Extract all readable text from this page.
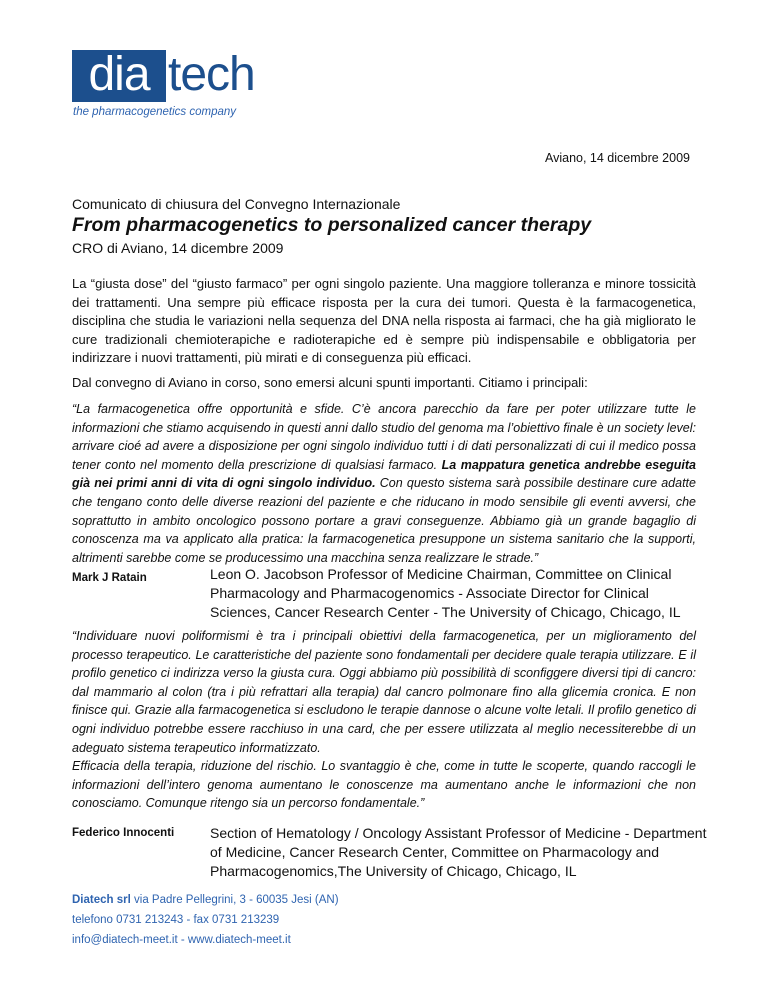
dia tech
the pharmacogenetics company
Aviano, 14 dicembre 2009
Comunicato di chiusura del Convegno Internazionale
From pharmacogenetics to personalized cancer therapy
CRO di Aviano, 14 dicembre 2009
La “giusta dose” del “giusto farmaco” per ogni singolo paziente. Una maggiore tolleranza e minore tossicità dei trattamenti. Una sempre più efficace risposta per la cura dei tumori. Questa è la farmacogenetica, disciplina che studia le variazioni nella sequenza del DNA nella risposta ai farmaci, che ha già migliorato le cure tradizionali chemioterapiche e radioterapiche ed è sempre più indispensabile e obbligatoria per indirizzare i nuovi trattamenti, più mirati e di conseguenza più efficaci.
Dal convegno di Aviano in corso, sono emersi alcuni spunti importanti. Citiamo i principali:
“La farmacogenetica offre opportunità e sfide. C’è ancora parecchio da fare per poter utilizzare tutte le informazioni che stiamo acquisendo in questi anni dallo studio del genoma ma l’obiettivo finale è un society level: arrivare cioé ad avere a disposizione per ogni singolo individuo tutti i di dati personalizzati di cui il medico possa tener conto nel momento della prescrizione di qualsiasi farmaco. La mappatura genetica andrebbe eseguita già nei primi anni di vita di ogni singolo individuo. Con questo sistema sarà possibile destinare cure adatte che tengano conto delle diverse reazioni del paziente e che riducano in modo sensibile gli eventi avversi, che soprattutto in ambito oncologico possono portare a gravi conseguenze. Abbiamo già un grande bagaglio di conoscenza ma va applicato alla pratica: la farmacogenetica presuppone un sistema sanitario che la supporti, altrimenti sarebbe come se producessimo una macchina senza realizzare le strade.”
Mark J Ratain	Leon O. Jacobson Professor of Medicine Chairman, Committee on Clinical Pharmacology and Pharmacogenomics - Associate Director for Clinical Sciences, Cancer Research Center - The University of Chicago, Chicago, IL
“Individuare nuovi poliformismi è tra i principali obiettivi della farmacogenetica, per un miglioramento del processo terapeutico. Le caratteristiche del paziente sono fondamentali per decidere quale terapia utilizzare. E il profilo genetico ci indirizza verso la giusta cura. Oggi abbiamo più possibilità di sconfiggere diversi tipi di cancro: dal mammario al colon (tra i più refrattari alla terapia) dal cancro polmonare fino alla glicemia cronica. E non finisce qui. Grazie alla farmacogenetica si escludono le terapie dannose o alcune volte letali. Il profilo genetico di ogni individuo potrebbe essere racchiuso in una card, che per essere utilizzata al meglio necessiterebbe di un adeguato sistema terapeutico informatizzato.
Efficacia della terapia, riduzione del rischio. Lo svantaggio è che, come in tutte le scoperte, quando raccogli le informazioni dell’intero genoma aumentano le conoscenze ma aumentano anche le informazioni che non conosciamo. Comunque ritengo sia un percorso fondamentale.”
Federico Innocenti	Section of Hematology / Oncology Assistant Professor of Medicine - Department of Medicine, Cancer Research Center, Committee on Pharmacology and Pharmacogenomics,The University of Chicago, Chicago, IL
Diatech srl via Padre Pellegrini, 3 - 60035 Jesi (AN)
telefono 0731 213243 - fax 0731 213239
info@diatech-meet.it - www.diatech-meet.it
